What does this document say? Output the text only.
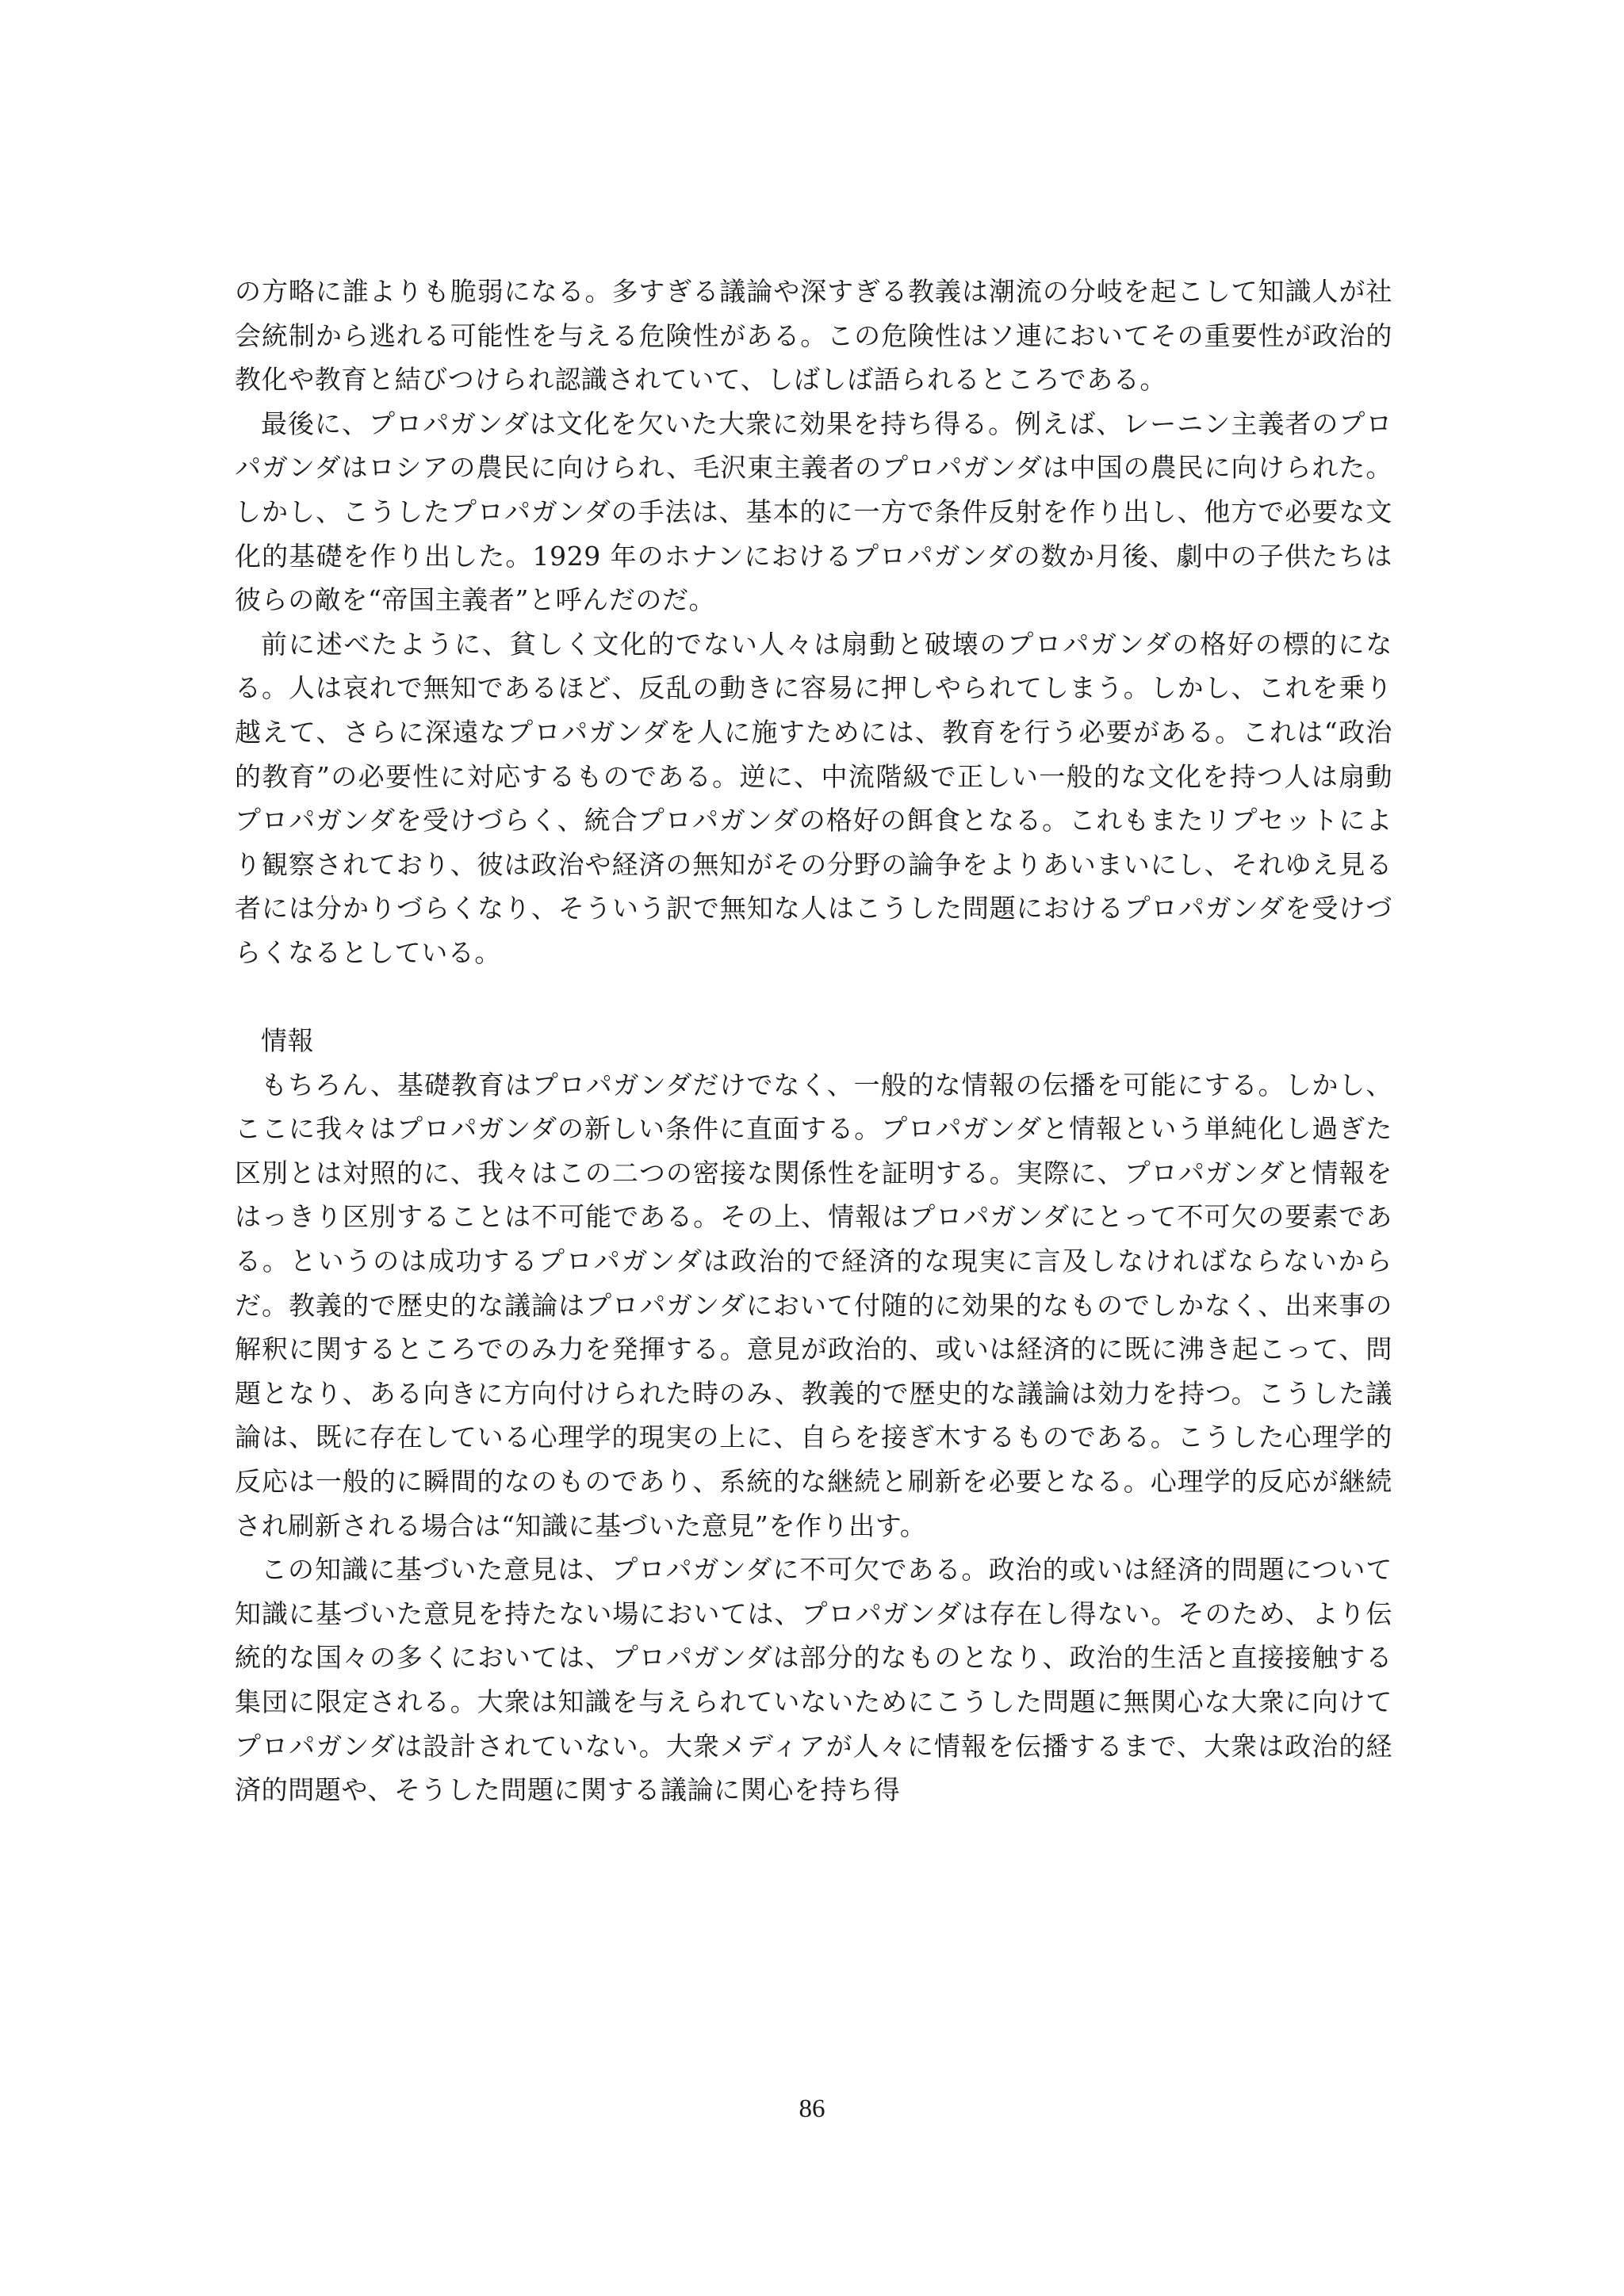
の方略に誰よりも脆弱になる。多すぎる議論や深すぎる教義は潮流の分岐を起こして知識人が社会統制から逃れる可能性を与える危険性がある。この危険性はソ連においてその重要性が政治的教化や教育と結びつけられ認識されていて、しばしば語られるところである。

最後に、プロパガンダは文化を欠いた大衆に効果を持ち得る。例えば、レーニン主義者のプロパガンダはロシアの農民に向けられ、毛沢東主義者のプロパガンダは中国の農民に向けられた。しかし、こうしたプロパガンダの手法は、基本的に一方で条件反射を作り出し、他方で必要な文化的基礎を作り出した。1929 年のホナンにおけるプロパガンダの数か月後、劇中の子供たちは彼らの敵を“帝国主義者”と呼んだのだ。

前に述べたように、貧しく文化的でない人々は扇動と破壊のプロパガンダの格好の標的になる。人は哀れで無知であるほど、反乱の動きに容易に押しやられてしまう。しかし、これを乗り越えて、さらに深遠なプロパガンダを人に施すためには、教育を行う必要がある。これは“政治的教育”の必要性に対応するものである。逆に、中流階級で正しい一般的な文化を持つ人は扇動プロパガンダを受けづらく、統合プロパガンダの格好の餌食となる。これもまたリプセットにより観察されており、彼は政治や経済の無知がその分野の論争をよりあいまいにし、それゆえ見る者には分かりづらくなり、そういう訳で無知な人はこうした問題におけるプロパガンダを受けづらくなるとしている。

情報

もちろん、基礎教育はプロパガンダだけでなく、一般的な情報の伝播を可能にする。しかし、ここに我々はプロパガンダの新しい条件に直面する。プロパガンダと情報という単純化し過ぎた区別とは対照的に、我々はこの二つの密接な関係性を証明する。実際に、プロパガンダと情報をはっきり区別することは不可能である。その上、情報はプロパガンダにとって不可欠の要素である。というのは成功するプロパガンダは政治的で経済的な現実に言及しなければならないからだ。教義的で歴史的な議論はプロパガンダにおいて付随的に効果的なものでしかなく、出来事の解釈に関するところでのみ力を発揮する。意見が政治的、或いは経済的に既に沸き起こって、問題となり、ある向きに方向付けられた時のみ、教義的で歴史的な議論は効力を持つ。こうした議論は、既に存在している心理学的現実の上に、自らを接ぎ木するものである。こうした心理学的反応は一般的に瞬間的なのものであり、系統的な継続と刷新を必要となる。心理学的反応が継続され刷新される場合は“知識に基づいた意見”を作り出す。

この知識に基づいた意見は、プロパガンダに不可欠である。政治的或いは経済的問題について知識に基づいた意見を持たない場においては、プロパガンダは存在し得ない。そのため、より伝統的な国々の多くにおいては、プロパガンダは部分的なものとなり、政治的生活と直接接触する集団に限定される。大衆は知識を与えられていないためにこうした問題に無関心な大衆に向けてプロパガンダは設計されていない。大衆メディアが人々に情報を伝播するまで、大衆は政治的経済的問題や、そうした問題に関する議論に関心を持ち得

86
